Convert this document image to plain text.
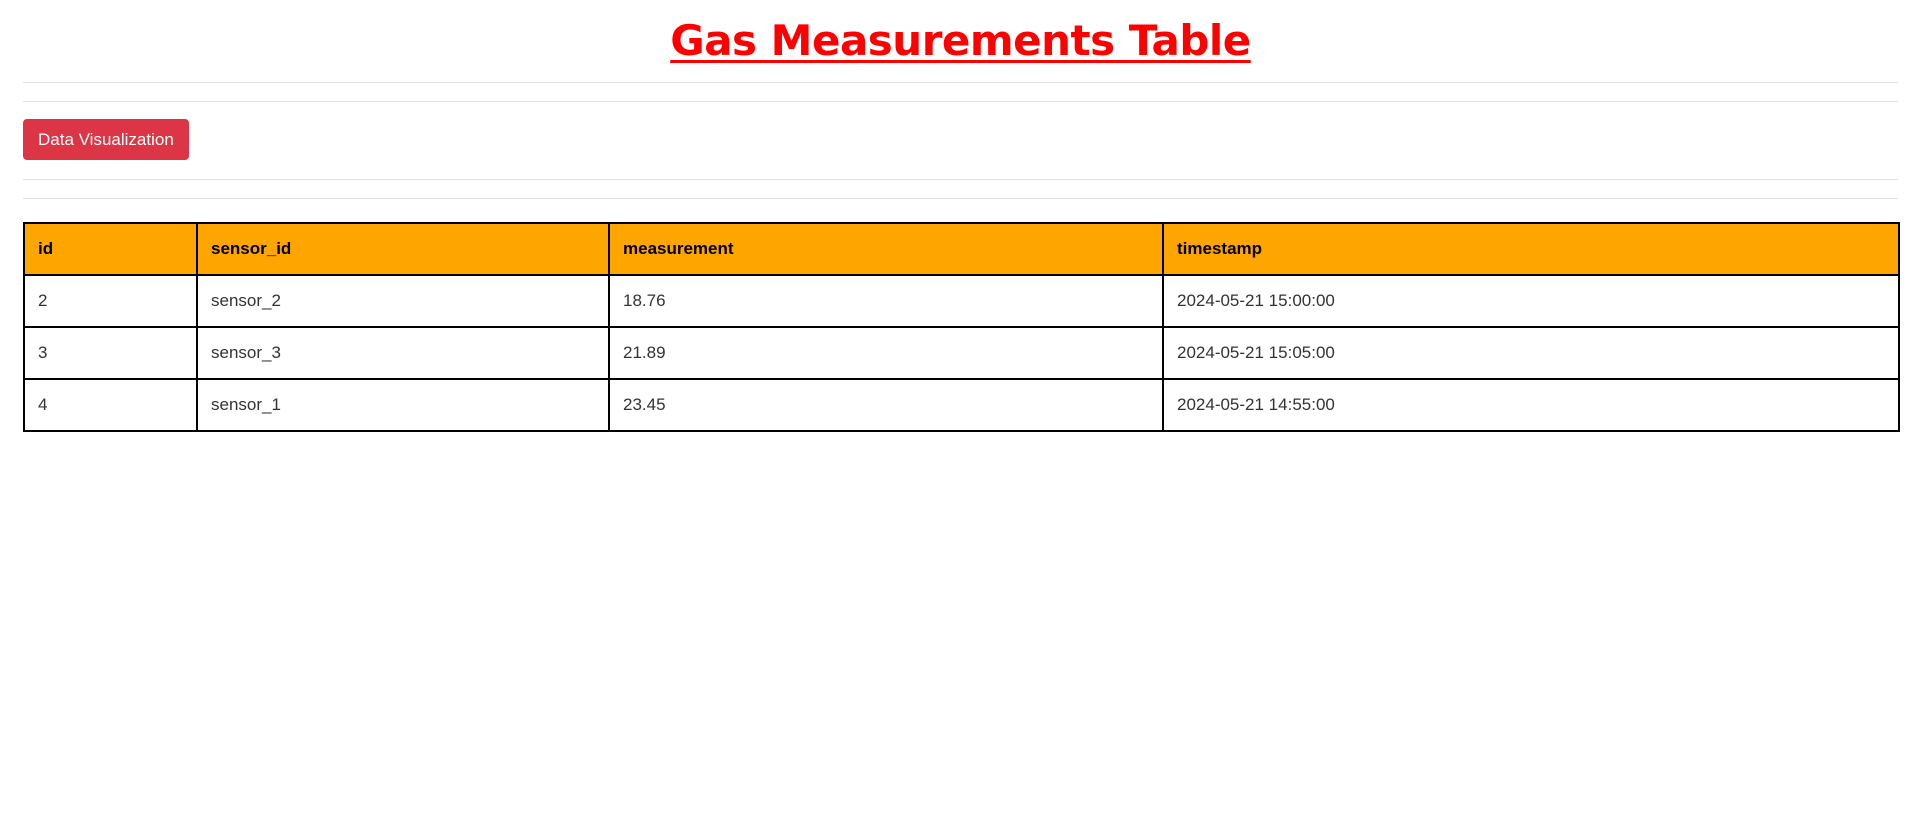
Gas Measurements Table
Data Visualization
id	sensor_id	measurement	timestamp
2	sensor_2	18.76	2024-05-21 15:00:00
3	sensor_3	21.89	2024-05-21 15:05:00
4	sensor_1	23.45	2024-05-21 14:55:00
